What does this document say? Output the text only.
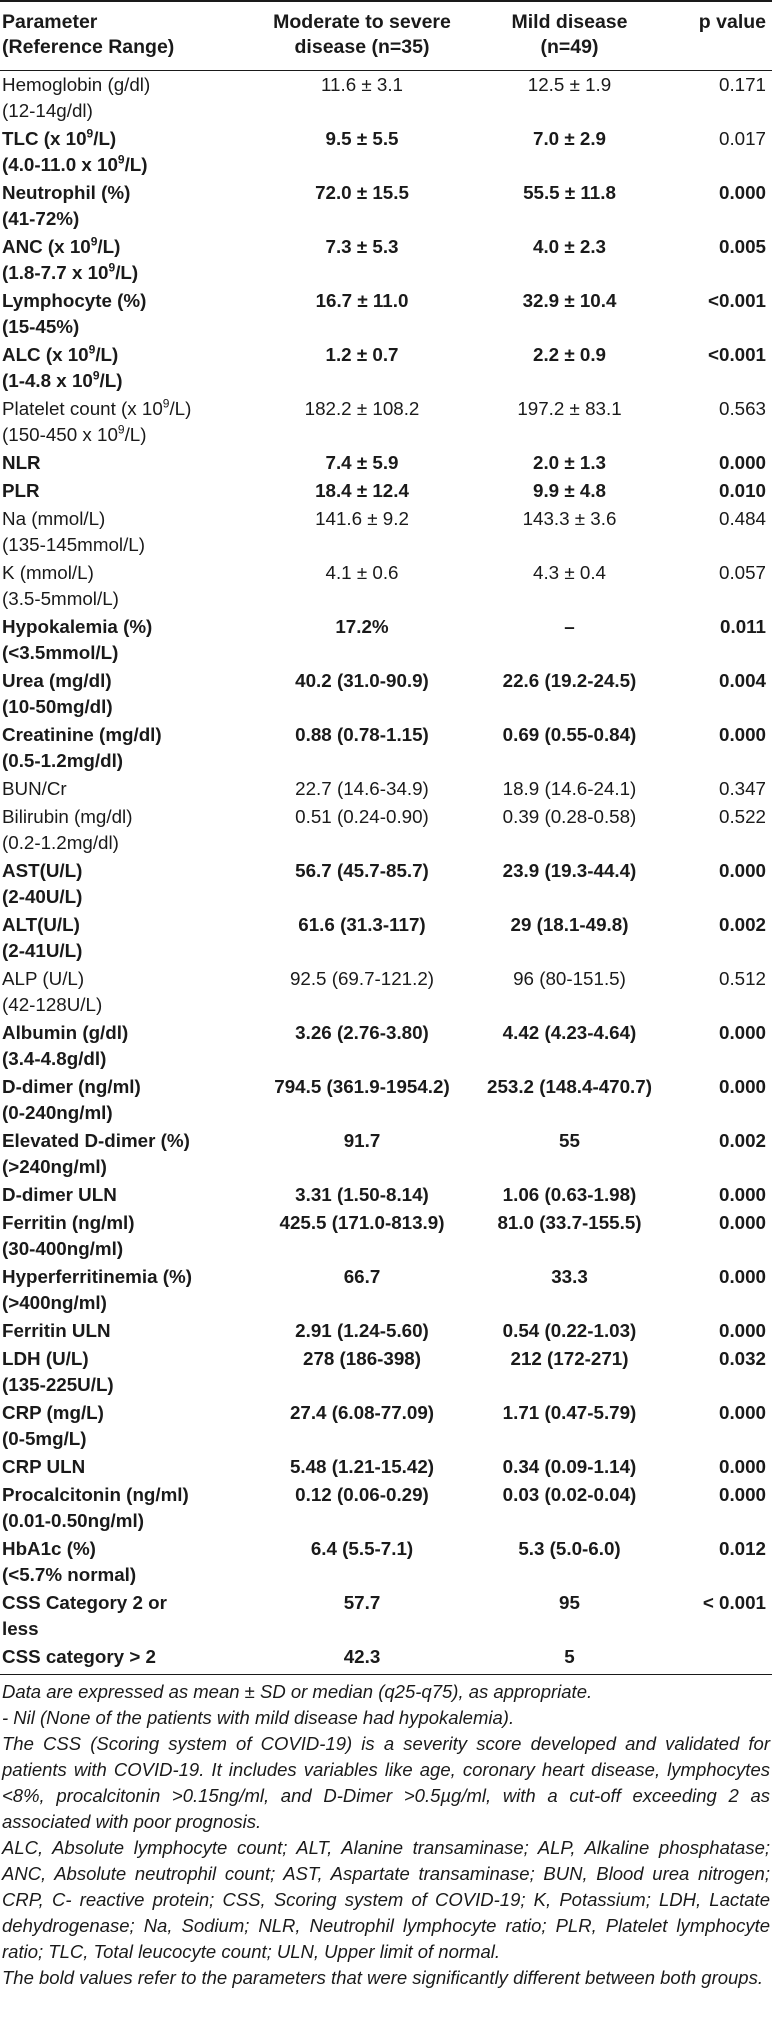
Parameter
(Reference Range)	Moderate to severe
disease (n=35)	Mild disease
(n=49)	p value
Hemoglobin (g/dl)
(12-14g/dl)	11.6 ± 3.1	12.5 ± 1.9	0.171
TLC (x $10^9/L$)
(4.0-11.0 x $10^9/L$)	9.5 ± 5.5	7.0 ± 2.9	0.017
Neutrophil (%)
(41-72%)	72.0 ± 15.5	55.5 ± 11.8	0.000
ANC (x $10^9/L$)
(1.8-7.7 x $10^9/L$)	7.3 ± 5.3	4.0 ± 2.3	0.005
Lymphocyte (%)
(15-45%)	16.7 ± 11.0	32.9 ± 10.4	<0.001
ALC (x $10^9/L$)
(1-4.8 x $10^9/L$)	1.2 ± 0.7	2.2 ± 0.9	<0.001
Platelet count (x $10^9/L$)
(150-450 x $10^9/L$)	182.2 ± 108.2	197.2 ± 83.1	0.563
NLR	7.4 ± 5.9	2.0 ± 1.3	0.000
PLR	18.4 ± 12.4	9.9 ± 4.8	0.010
Na (mmol/L)
(135-145mmol/L)	141.6 ± 9.2	143.3 ± 3.6	0.484
K (mmol/L)
(3.5-5mmol/L)	4.1 ± 0.6	4.3 ± 0.4	0.057
Hypokalemia (%)
(<3.5mmol/L)	17.2%	–	0.011
Urea (mg/dl)
(10-50mg/dl)	40.2 (31.0-90.9)	22.6 (19.2-24.5)	0.004
Creatinine (mg/dl)
(0.5-1.2mg/dl)	0.88 (0.78-1.15)	0.69 (0.55-0.84)	0.000
BUN/Cr	22.7 (14.6-34.9)	18.9 (14.6-24.1)	0.347
Bilirubin (mg/dl)
(0.2-1.2mg/dl)	0.51 (0.24-0.90)	0.39 (0.28-0.58)	0.522
AST(U/L)
(2-40U/L)	56.7 (45.7-85.7)	23.9 (19.3-44.4)	0.000
ALT(U/L)
(2-41U/L)	61.6 (31.3-117)	29 (18.1-49.8)	0.002
ALP (U/L)
(42-128U/L)	92.5 (69.7-121.2)	96 (80-151.5)	0.512
Albumin (g/dl)
(3.4-4.8g/dl)	3.26 (2.76-3.80)	4.42 (4.23-4.64)	0.000
D-dimer (ng/ml)
(0-240ng/ml)	794.5 (361.9-1954.2)	253.2 (148.4-470.7)	0.000
Elevated D-dimer (%)
(>240ng/ml)	91.7	55	0.002
D-dimer ULN	3.31 (1.50-8.14)	1.06 (0.63-1.98)	0.000
Ferritin (ng/ml)
(30-400ng/ml)	425.5 (171.0-813.9)	81.0 (33.7-155.5)	0.000
Hyperferritinemia (%)
(>400ng/ml)	66.7	33.3	0.000
Ferritin ULN	2.91 (1.24-5.60)	0.54 (0.22-1.03)	0.000
LDH (U/L)
(135-225U/L)	278 (186-398)	212 (172-271)	0.032
CRP (mg/L)
(0-5mg/L)	27.4 (6.08-77.09)	1.71 (0.47-5.79)	0.000
CRP ULN	5.48 (1.21-15.42)	0.34 (0.09-1.14)	0.000
Procalcitonin (ng/ml)
(0.01-0.50ng/ml)	0.12 (0.06-0.29)	0.03 (0.02-0.04)	0.000
HbA1c (%)
(<5.7% normal)	6.4 (5.5-7.1)	5.3 (5.0-6.0)	0.012
CSS Category 2 or
less	57.7	95	< 0.001
CSS category > 2	42.3	5	

Data are expressed as mean ± SD or median (q25-q75), as appropriate.

- Nil (None of the patients with mild disease had hypokalemia).

The CSS (Scoring system of COVID-19) is a severity score developed and validated for patients with COVID-19. It includes variables like age, coronary heart disease, lymphocytes <8%, procalcitonin >0.15ng/ml, and D-Dimer >0.5µg/ml, with a cut-off exceeding 2 as associated with poor prognosis.

ALC, Absolute lymphocyte count; ALT, Alanine transaminase; ALP, Alkaline phosphatase; ANC, Absolute neutrophil count; AST, Aspartate transaminase; BUN, Blood urea nitrogen; CRP, C- reactive protein; CSS, Scoring system of COVID-19; K, Potassium; LDH, Lactate dehydrogenase; Na, Sodium; NLR, Neutrophil lymphocyte ratio; PLR, Platelet lymphocyte ratio; TLC, Total leucocyte count; ULN, Upper limit of normal.

The bold values refer to the parameters that were significantly different between both groups.
